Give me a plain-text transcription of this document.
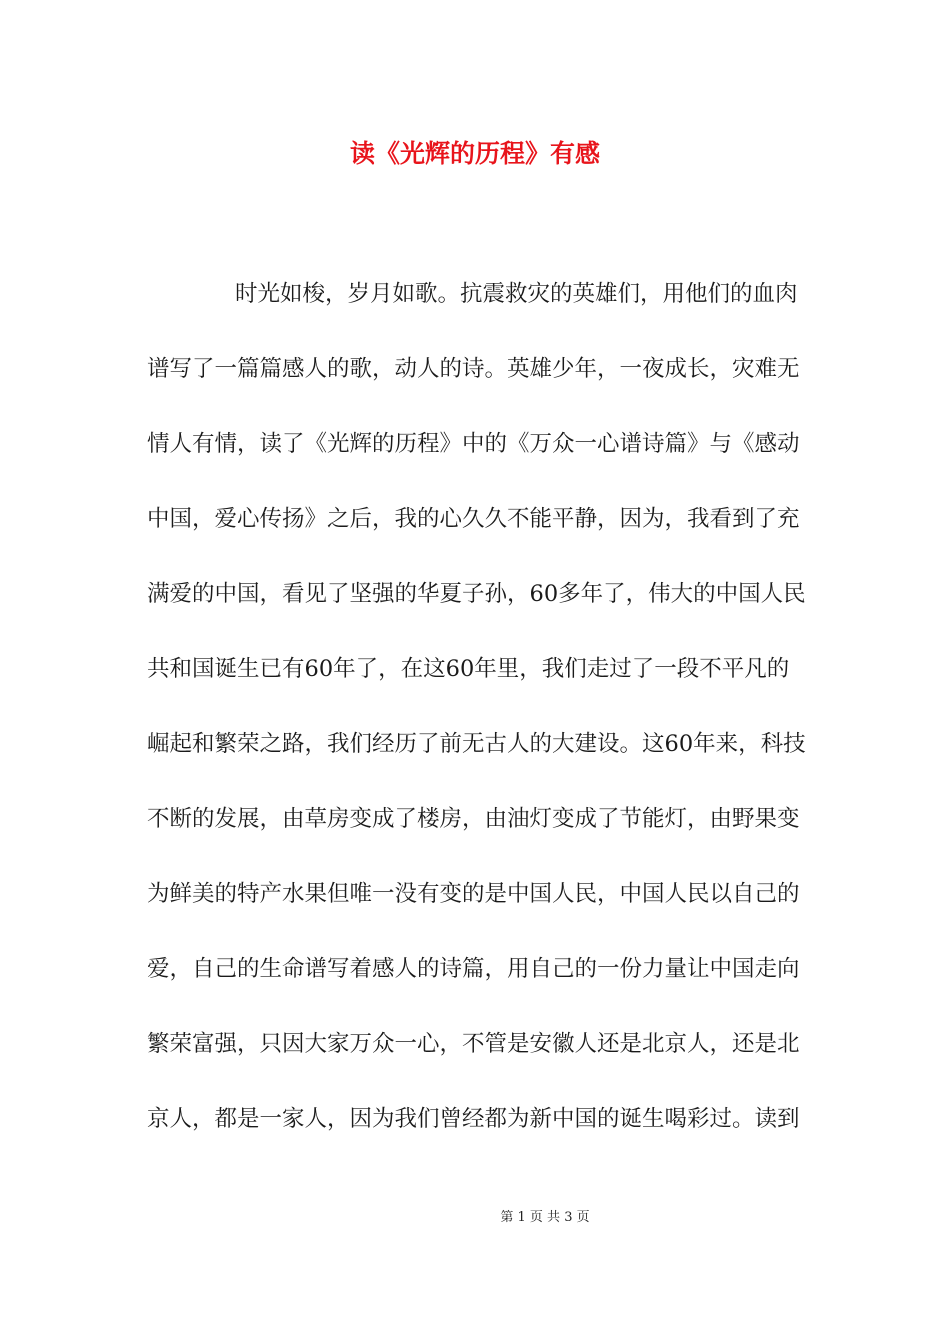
读《光辉的历程》有感
时光如梭，岁月如歌。抗震救灾的英雄们，用他们的血肉
谱写了一篇篇感人的歌，动人的诗。英雄少年，一夜成长，灾难无
情人有情，读了《光辉的历程》中的《万众一心谱诗篇》与《感动
中国，爱心传扬》之后，我的心久久不能平静，因为，我看到了充
满爱的中国，看见了坚强的华夏子孙，60多年了，伟大的中国人民
共和国诞生已有60年了，在这60年里，我们走过了一段不平凡的
崛起和繁荣之路，我们经历了前无古人的大建设。这60年来，科技
不断的发展，由草房变成了楼房，由油灯变成了节能灯，由野果变
为鲜美的特产水果但唯一没有变的是中国人民，中国人民以自己的
爱，自己的生命谱写着感人的诗篇，用自己的一份力量让中国走向
繁荣富强，只因大家万众一心，不管是安徽人还是北京人，还是北
京人，都是一家人，因为我们曾经都为新中国的诞生喝彩过。读到
第 1 页 共 3 页
